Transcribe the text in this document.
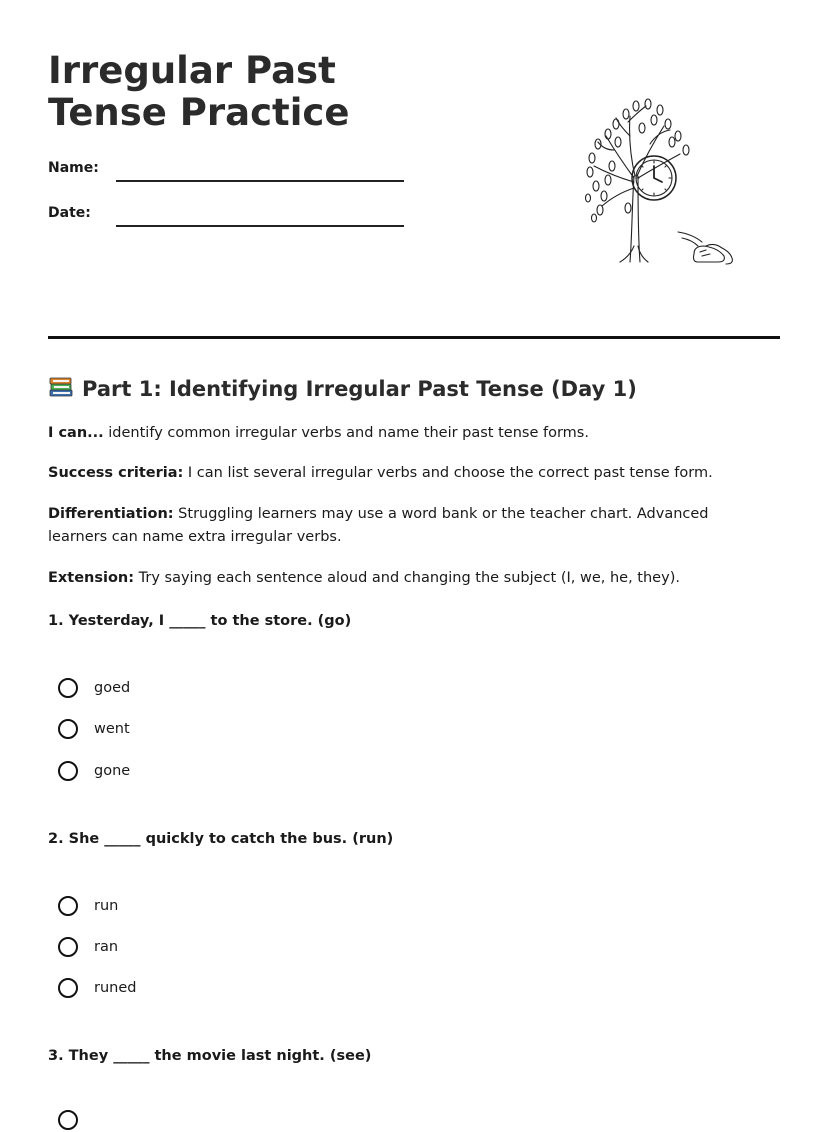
Irregular Past Tense Practice
Name:
Date:
Part 1: Identifying Irregular Past Tense (Day 1)

I can... identify common irregular verbs and name their past tense forms.

Success criteria: I can list several irregular verbs and choose the correct past tense form.

Differentiation: Struggling learners may use a word bank or the teacher chart. Advanced learners can name extra irregular verbs.

Extension: Try saying each sentence aloud and changing the subject (I, we, he, they).

1. Yesterday, I _____ to the store. (go)

goed
went
gone

2. She _____ quickly to catch the bus. (run)

run
ran
runed

3. They _____ the movie last night. (see)
